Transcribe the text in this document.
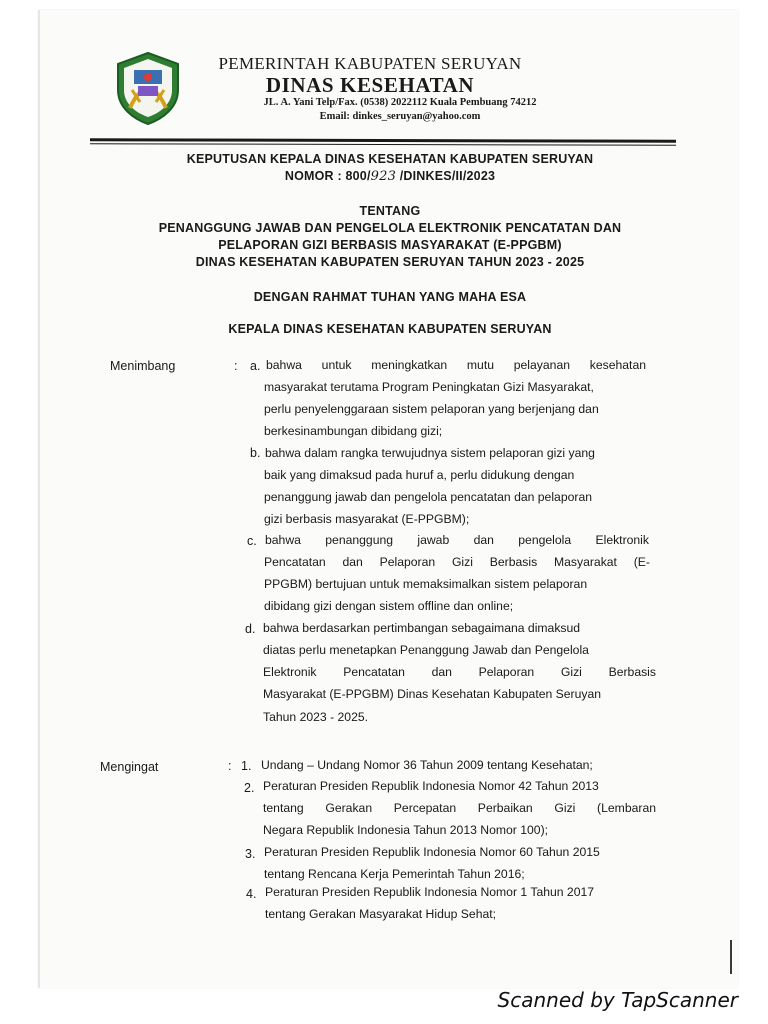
PEMERINTAH KABUPATEN SERUYAN
DINAS KESEHATAN
JL. A. Yani Telp/Fax. (0538) 2022112 Kuala Pembuang 74212
Email: dinkes_seruyan@yahoo.com
KEPUTUSAN KEPALA DINAS KESEHATAN KABUPATEN SERUYAN
NOMOR : 800/923 /DINKES/II/2023
TENTANG
PENANGGUNG JAWAB DAN PENGELOLA ELEKTRONIK PENCATATAN DAN
PELAPORAN GIZI BERBASIS MASYARAKAT (E-PPGBM)
DINAS KESEHATAN KABUPATEN SERUYAN TAHUN 2023 - 2025
DENGAN RAHMAT TUHAN YANG MAHA ESA
KEPALA DINAS KESEHATAN KABUPATEN SERUYAN
Menimbang	: a. bahwa untuk meningkatkan mutu pelayanan kesehatan
masyarakat terutama Program Peningkatan Gizi Masyarakat,
perlu penyelenggaraan sistem pelaporan yang berjenjang dan
berkesinambungan dibidang gizi;
b. bahwa dalam rangka terwujudnya sistem pelaporan gizi yang
baik yang dimaksud pada huruf a, perlu didukung dengan
penanggung jawab dan pengelola pencatatan dan pelaporan
gizi berbasis masyarakat (E-PPGBM);
c. bahwa penanggung jawab dan pengelola Elektronik
Pencatatan dan Pelaporan Gizi Berbasis Masyarakat (E-
PPGBM) bertujuan untuk memaksimalkan sistem pelaporan
dibidang gizi dengan sistem offline dan online;
d. bahwa berdasarkan pertimbangan sebagaimana dimaksud
diatas perlu menetapkan Penanggung Jawab dan Pengelola
Elektronik Pencatatan dan Pelaporan Gizi Berbasis
Masyarakat (E-PPGBM) Dinas Kesehatan Kabupaten Seruyan
Tahun 2023 - 2025.
Mengingat	: 1. Undang – Undang Nomor 36 Tahun 2009 tentang Kesehatan;
2. Peraturan Presiden Republik Indonesia Nomor 42 Tahun 2013
tentang Gerakan Percepatan Perbaikan Gizi (Lembaran
Negara Republik Indonesia Tahun 2013 Nomor 100);
3. Peraturan Presiden Republik Indonesia Nomor 60 Tahun 2015
tentang Rencana Kerja Pemerintah Tahun 2016;
4. Peraturan Presiden Republik Indonesia Nomor 1 Tahun 2017
tentang Gerakan Masyarakat Hidup Sehat;
Scanned by TapScanner
